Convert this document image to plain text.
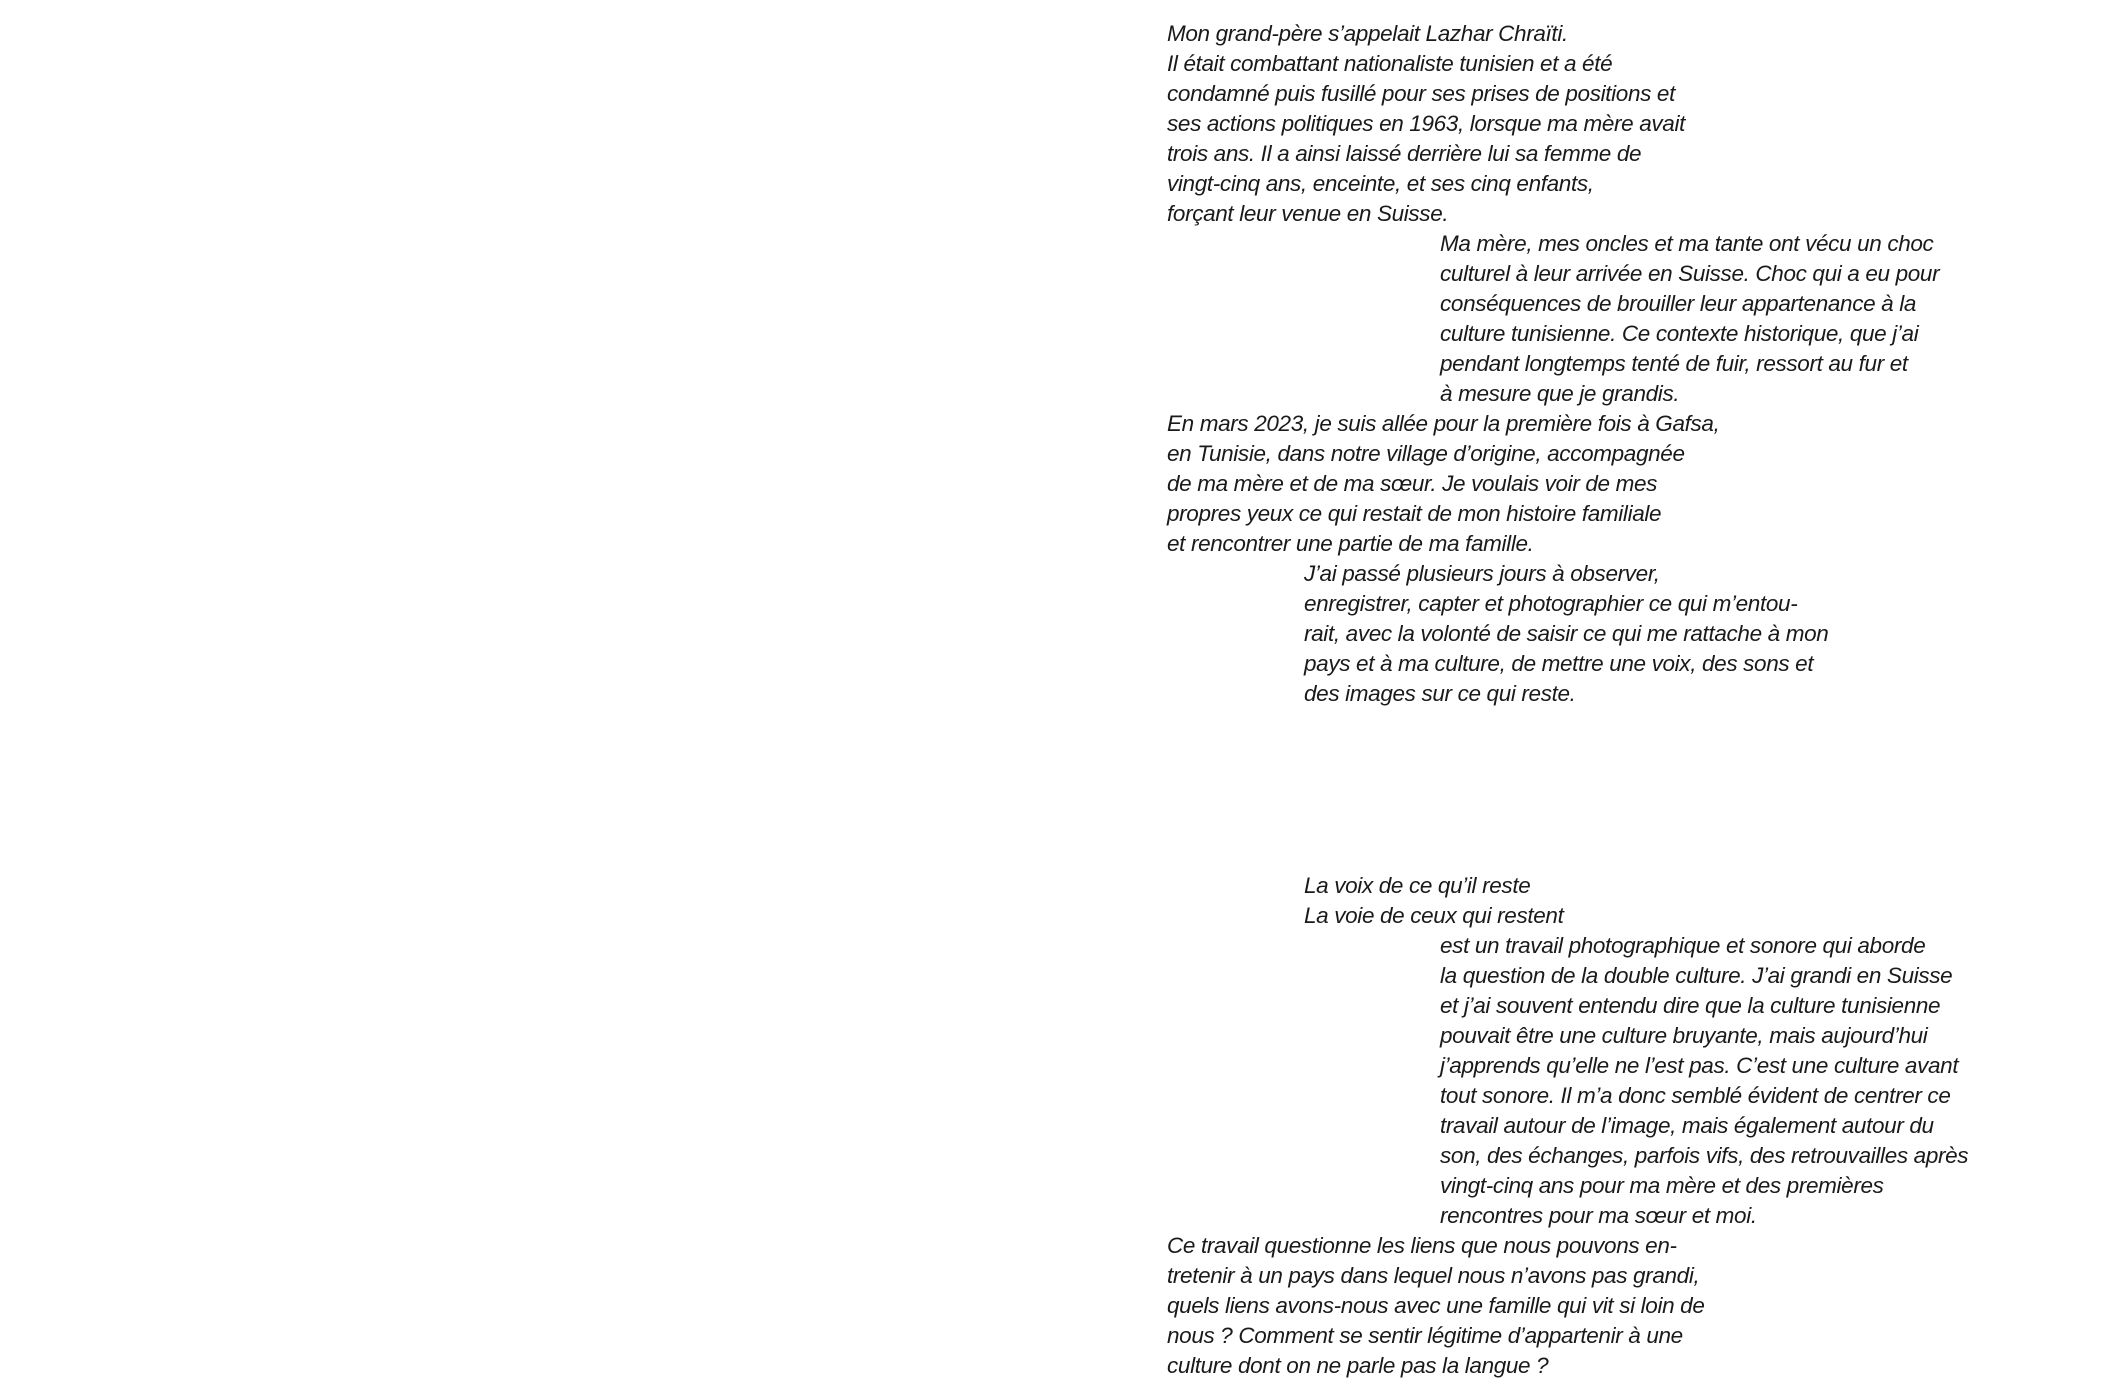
Mon grand-père s’appelait Lazhar Chraïti.
Il était combattant nationaliste tunisien et a été
condamné puis fusillé pour ses prises de positions et
ses actions politiques en 1963, lorsque ma mère avait
trois ans. Il a ainsi laissé derrière lui sa femme de
vingt-cinq ans, enceinte, et ses cinq enfants,
forçant leur venue en Suisse.
Ma mère, mes oncles et ma tante ont vécu un choc
culturel à leur arrivée en Suisse. Choc qui a eu pour
conséquences de brouiller leur appartenance à la
culture tunisienne. Ce contexte historique, que j’ai
pendant longtemps tenté de fuir, ressort au fur et
à mesure que je grandis.
En mars 2023, je suis allée pour la première fois à Gafsa,
en Tunisie, dans notre village d’origine, accompagnée
de ma mère et de ma sœur. Je voulais voir de mes
propres yeux ce qui restait de mon histoire familiale
et rencontrer une partie de ma famille.
J’ai passé plusieurs jours à observer,
enregistrer, capter et photographier ce qui m’entou-
rait, avec la volonté de saisir ce qui me rattache à mon
pays et à ma culture, de mettre une voix, des sons et
des images sur ce qui reste.
La voix de ce qu’il reste
La voie de ceux qui restent
est un travail photographique et sonore qui aborde
la question de la double culture. J’ai grandi en Suisse
et j’ai souvent entendu dire que la culture tunisienne
pouvait être une culture bruyante, mais aujourd’hui
j’apprends qu’elle ne l’est pas. C’est une culture avant
tout sonore. Il m’a donc semblé évident de centrer ce
travail autour de l’image, mais également autour du
son, des échanges, parfois vifs, des retrouvailles après
vingt-cinq ans pour ma mère et des premières
rencontres pour ma sœur et moi.
Ce travail questionne les liens que nous pouvons en-
tretenir à un pays dans lequel nous n’avons pas grandi,
quels liens avons-nous avec une famille qui vit si loin de
nous ? Comment se sentir légitime d’appartenir à une
culture dont on ne parle pas la langue ?
